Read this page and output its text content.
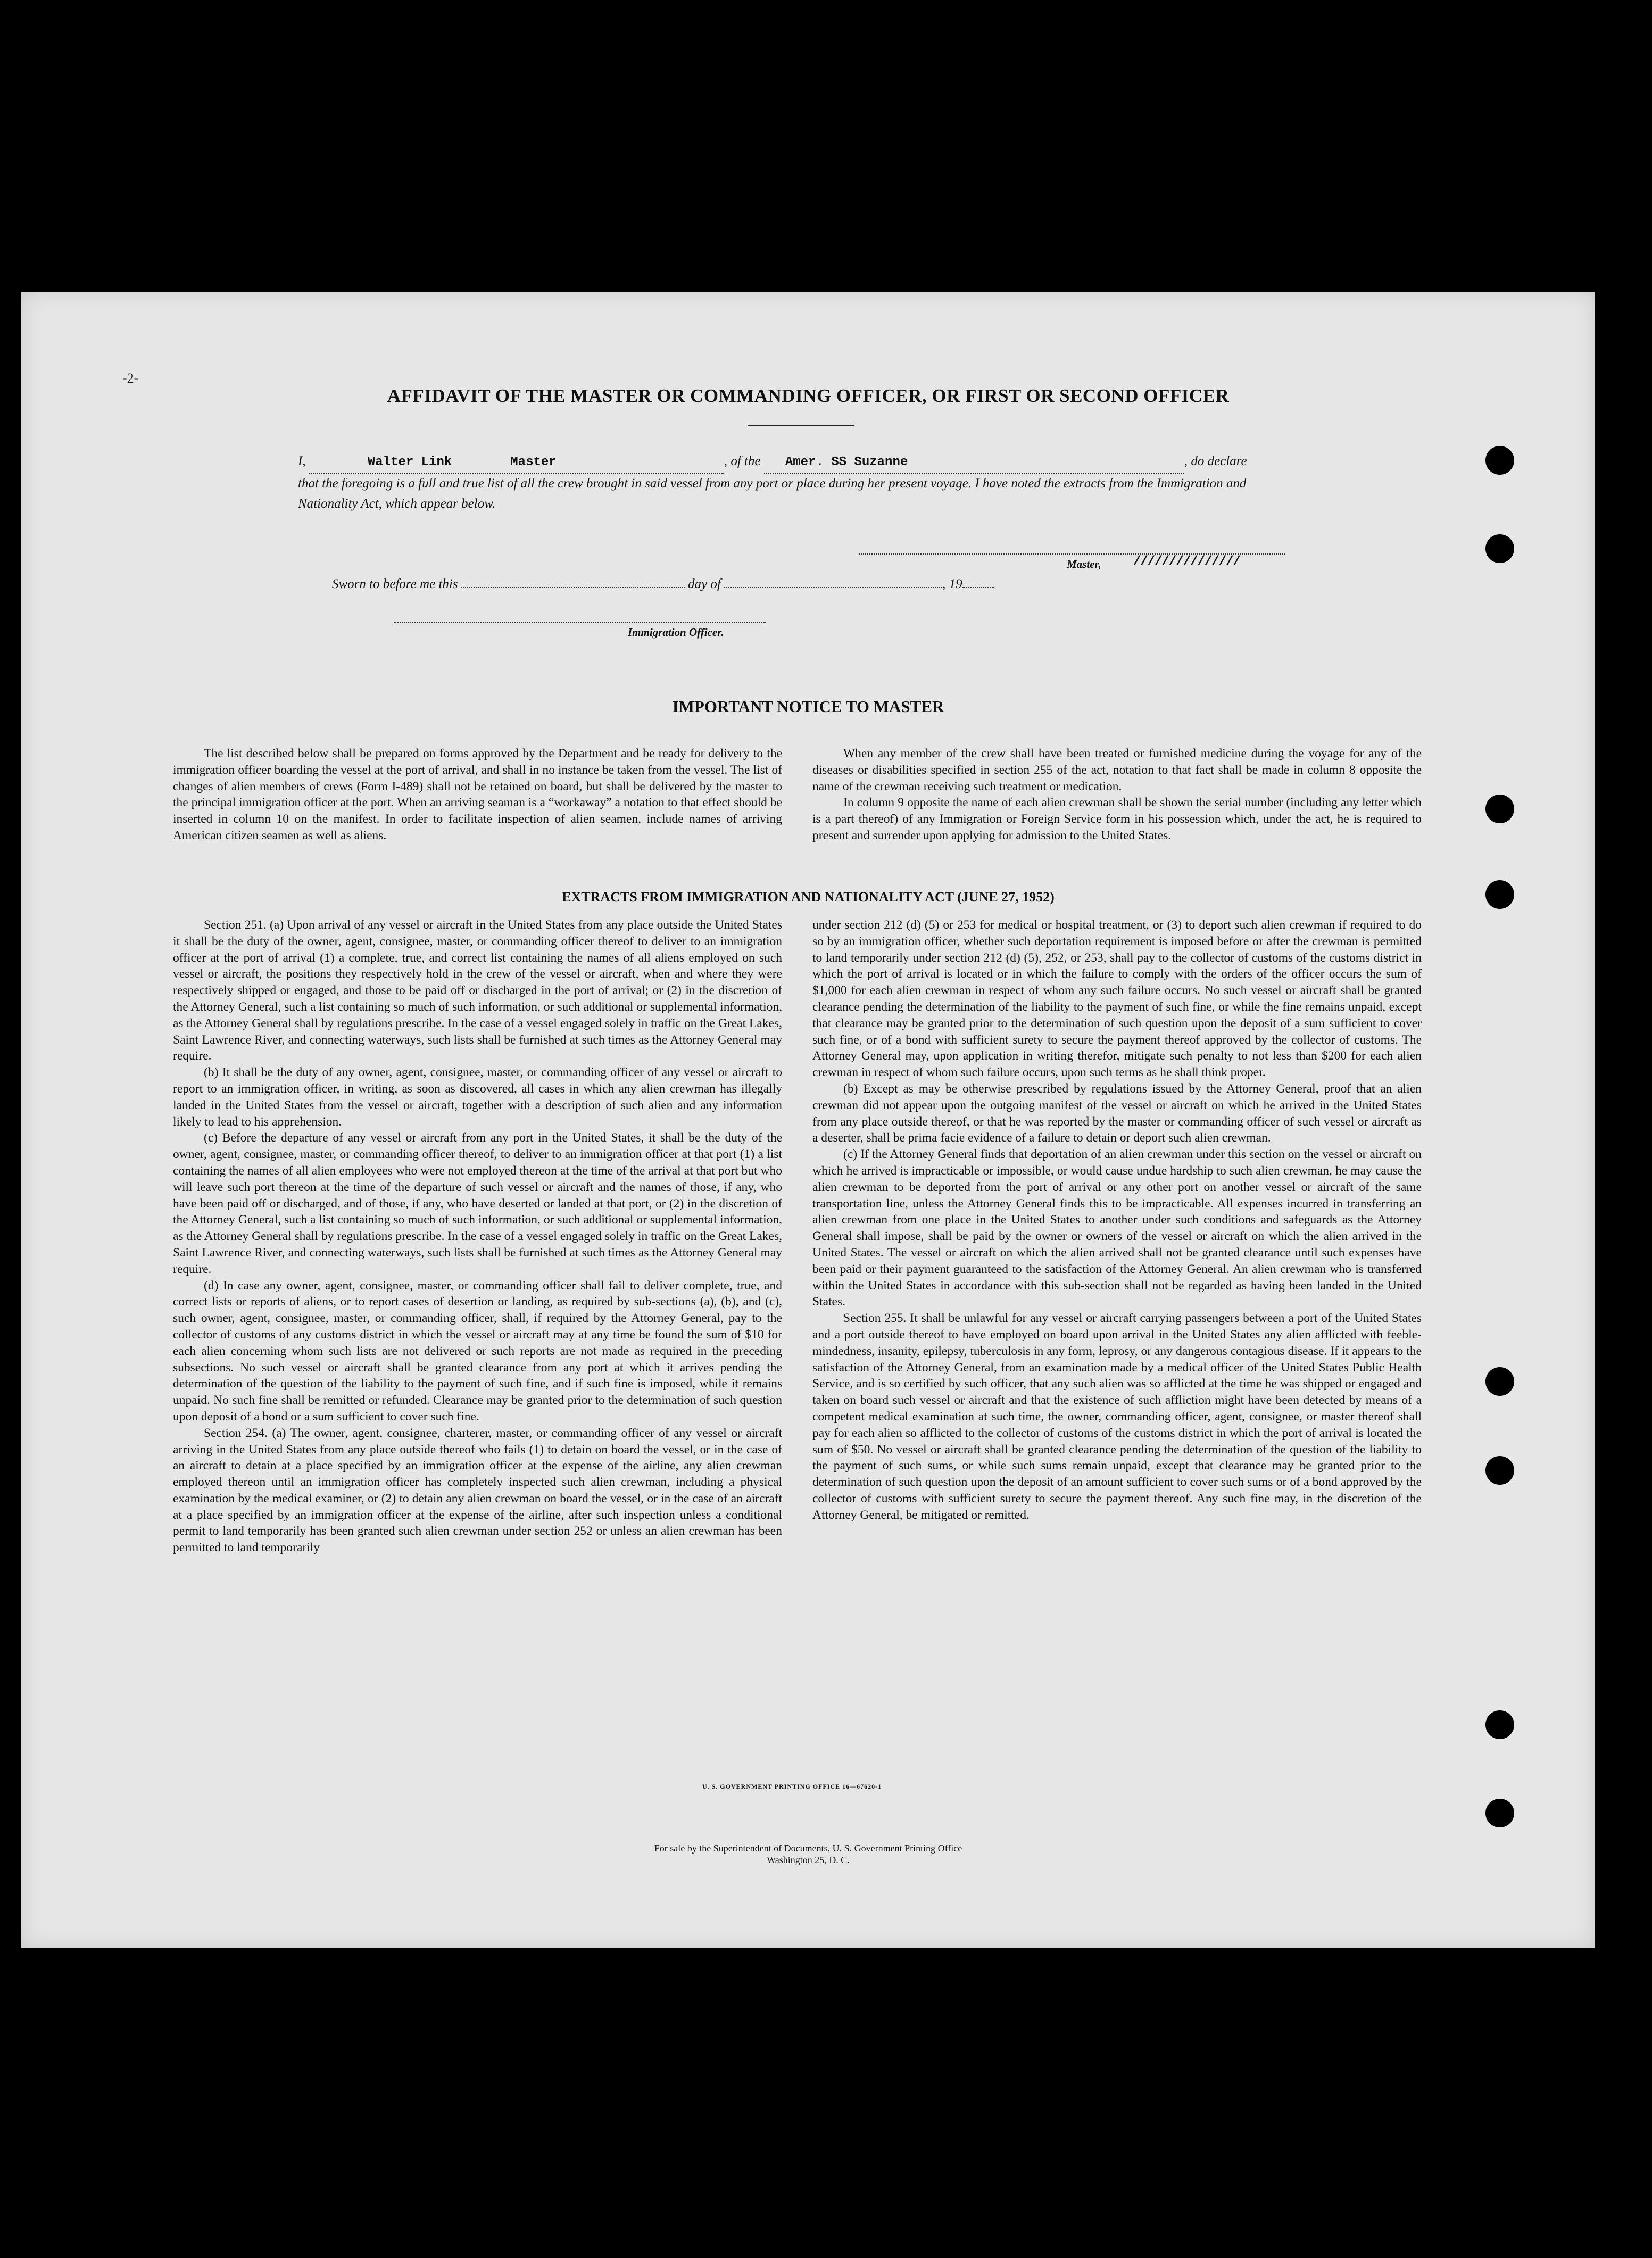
-2-
AFFIDAVIT OF THE MASTER OR COMMANDING OFFICER, OR FIRST OR SECOND OFFICER
I,	Walter Link	Master	, of the Amer. SS Suzanne	, do declare
that the foregoing is a full and true list of all the crew brought in said vessel from any port or place during her present voyage. I have noted the extracts from the Immigration and Nationality Act, which appear below.
Master,	///////////////
Sworn to before me this	day of	, 19
Immigration Officer.
IMPORTANT NOTICE TO MASTER

The list described below shall be prepared on forms approved by the Department and be ready for delivery to the immigration officer boarding the vessel at the port of arrival, and shall in no instance be taken from the vessel. The list of changes of alien members of crews (Form I-489) shall not be retained on board, but shall be delivered by the master to the principal immigration officer at the port. When an arriving seaman is a “workaway” a notation to that effect should be inserted in column 10 on the manifest. In order to facilitate inspection of alien seamen, include names of arriving American citizen seamen as well as aliens.

When any member of the crew shall have been treated or furnished medicine during the voyage for any of the diseases or disabilities specified in section 255 of the act, notation to that fact shall be made in column 8 opposite the name of the crewman receiving such treatment or medication.

In column 9 opposite the name of each alien crewman shall be shown the serial number (including any letter which is a part thereof) of any Immigration or Foreign Service form in his possession which, under the act, he is required to present and surrender upon applying for admission to the United States.

EXTRACTS FROM IMMIGRATION AND NATIONALITY ACT (JUNE 27, 1952)

Section 251. (a) Upon arrival of any vessel or aircraft in the United States from any place outside the United States it shall be the duty of the owner, agent, consignee, master, or commanding officer thereof to deliver to an immigration officer at the port of arrival (1) a complete, true, and correct list containing the names of all aliens employed on such vessel or aircraft, the positions they respectively hold in the crew of the vessel or aircraft, when and where they were respectively shipped or engaged, and those to be paid off or discharged in the port of arrival; or (2) in the discretion of the Attorney General, such a list containing so much of such information, or such additional or supplemental information, as the Attorney General shall by regulations prescribe. In the case of a vessel engaged solely in traffic on the Great Lakes, Saint Lawrence River, and connecting waterways, such lists shall be furnished at such times as the Attorney General may require.

(b) It shall be the duty of any owner, agent, consignee, master, or commanding officer of any vessel or aircraft to report to an immigration officer, in writing, as soon as discovered, all cases in which any alien crewman has illegally landed in the United States from the vessel or aircraft, together with a description of such alien and any information likely to lead to his apprehension.

(c) Before the departure of any vessel or aircraft from any port in the United States, it shall be the duty of the owner, agent, consignee, master, or commanding officer thereof, to deliver to an immigration officer at that port (1) a list containing the names of all alien employees who were not employed thereon at the time of the arrival at that port but who will leave such port thereon at the time of the departure of such vessel or aircraft and the names of those, if any, who have been paid off or discharged, and of those, if any, who have deserted or landed at that port, or (2) in the discretion of the Attorney General, such a list containing so much of such information, or such additional or supplemental information, as the Attorney General shall by regulations prescribe. In the case of a vessel engaged solely in traffic on the Great Lakes, Saint Lawrence River, and connecting waterways, such lists shall be furnished at such times as the Attorney General may require.

(d) In case any owner, agent, consignee, master, or commanding officer shall fail to deliver complete, true, and correct lists or reports of aliens, or to report cases of desertion or landing, as required by sub-sections (a), (b), and (c), such owner, agent, consignee, master, or commanding officer, shall, if required by the Attorney General, pay to the collector of customs of any customs district in which the vessel or aircraft may at any time be found the sum of $10 for each alien concerning whom such lists are not delivered or such reports are not made as required in the preceding subsections. No such vessel or aircraft shall be granted clearance from any port at which it arrives pending the determination of the question of the liability to the payment of such fine, and if such fine is imposed, while it remains unpaid. No such fine shall be remitted or refunded. Clearance may be granted prior to the determination of such question upon deposit of a bond or a sum sufficient to cover such fine.

Section 254. (a) The owner, agent, consignee, charterer, master, or commanding officer of any vessel or aircraft arriving in the United States from any place outside thereof who fails (1) to detain on board the vessel, or in the case of an aircraft to detain at a place specified by an immigration officer at the expense of the airline, any alien crewman employed thereon until an immigration officer has completely inspected such alien crewman, including a physical examination by the medical examiner, or (2) to detain any alien crewman on board the vessel, or in the case of an aircraft at a place specified by an immigration officer at the expense of the airline, after such inspection unless a conditional permit to land temporarily has been granted such alien crewman under section 252 or unless an alien crewman has been permitted to land temporarily

under section 212 (d) (5) or 253 for medical or hospital treatment, or (3) to deport such alien crewman if required to do so by an immigration officer, whether such deportation requirement is imposed before or after the crewman is permitted to land temporarily under section 212 (d) (5), 252, or 253, shall pay to the collector of customs of the customs district in which the port of arrival is located or in which the failure to comply with the orders of the officer occurs the sum of $1,000 for each alien crewman in respect of whom any such failure occurs. No such vessel or aircraft shall be granted clearance pending the determination of the liability to the payment of such fine, or while the fine remains unpaid, except that clearance may be granted prior to the determination of such question upon the deposit of a sum sufficient to cover such fine, or of a bond with sufficient surety to secure the payment thereof approved by the collector of customs. The Attorney General may, upon application in writing therefor, mitigate such penalty to not less than $200 for each alien crewman in respect of whom such failure occurs, upon such terms as he shall think proper.

(b) Except as may be otherwise prescribed by regulations issued by the Attorney General, proof that an alien crewman did not appear upon the outgoing manifest of the vessel or aircraft on which he arrived in the United States from any place outside thereof, or that he was reported by the master or commanding officer of such vessel or aircraft as a deserter, shall be prima facie evidence of a failure to detain or deport such alien crewman.

(c) If the Attorney General finds that deportation of an alien crewman under this section on the vessel or aircraft on which he arrived is impracticable or impossible, or would cause undue hardship to such alien crewman, he may cause the alien crewman to be deported from the port of arrival or any other port on another vessel or aircraft of the same transportation line, unless the Attorney General finds this to be impracticable. All expenses incurred in transferring an alien crewman from one place in the United States to another under such conditions and safeguards as the Attorney General shall impose, shall be paid by the owner or owners of the vessel or aircraft on which the alien arrived in the United States. The vessel or aircraft on which the alien arrived shall not be granted clearance until such expenses have been paid or their payment guaranteed to the satisfaction of the Attorney General. An alien crewman who is transferred within the United States in accordance with this sub-section shall not be regarded as having been landed in the United States.

Section 255. It shall be unlawful for any vessel or aircraft carrying passengers between a port of the United States and a port outside thereof to have employed on board upon arrival in the United States any alien afflicted with feeble-mindedness, insanity, epilepsy, tuberculosis in any form, leprosy, or any dangerous contagious disease. If it appears to the satisfaction of the Attorney General, from an examination made by a medical officer of the United States Public Health Service, and is so certified by such officer, that any such alien was so afflicted at the time he was shipped or engaged and taken on board such vessel or aircraft and that the existence of such affliction might have been detected by means of a competent medical examination at such time, the owner, commanding officer, agent, consignee, or master thereof shall pay for each alien so afflicted to the collector of customs of the customs district in which the port of arrival is located the sum of $50. No vessel or aircraft shall be granted clearance pending the determination of the question of the liability to the payment of such sums, or while such sums remain unpaid, except that clearance may be granted prior to the determination of such question upon the deposit of an amount sufficient to cover such sums or of a bond approved by the collector of customs with sufficient surety to secure the payment thereof. Any such fine may, in the discretion of the Attorney General, be mitigated or remitted.

U. S. GOVERNMENT PRINTING OFFICE 16—67620-1
For sale by the Superintendent of Documents, U. S. Government Printing Office
Washington 25, D. C.
